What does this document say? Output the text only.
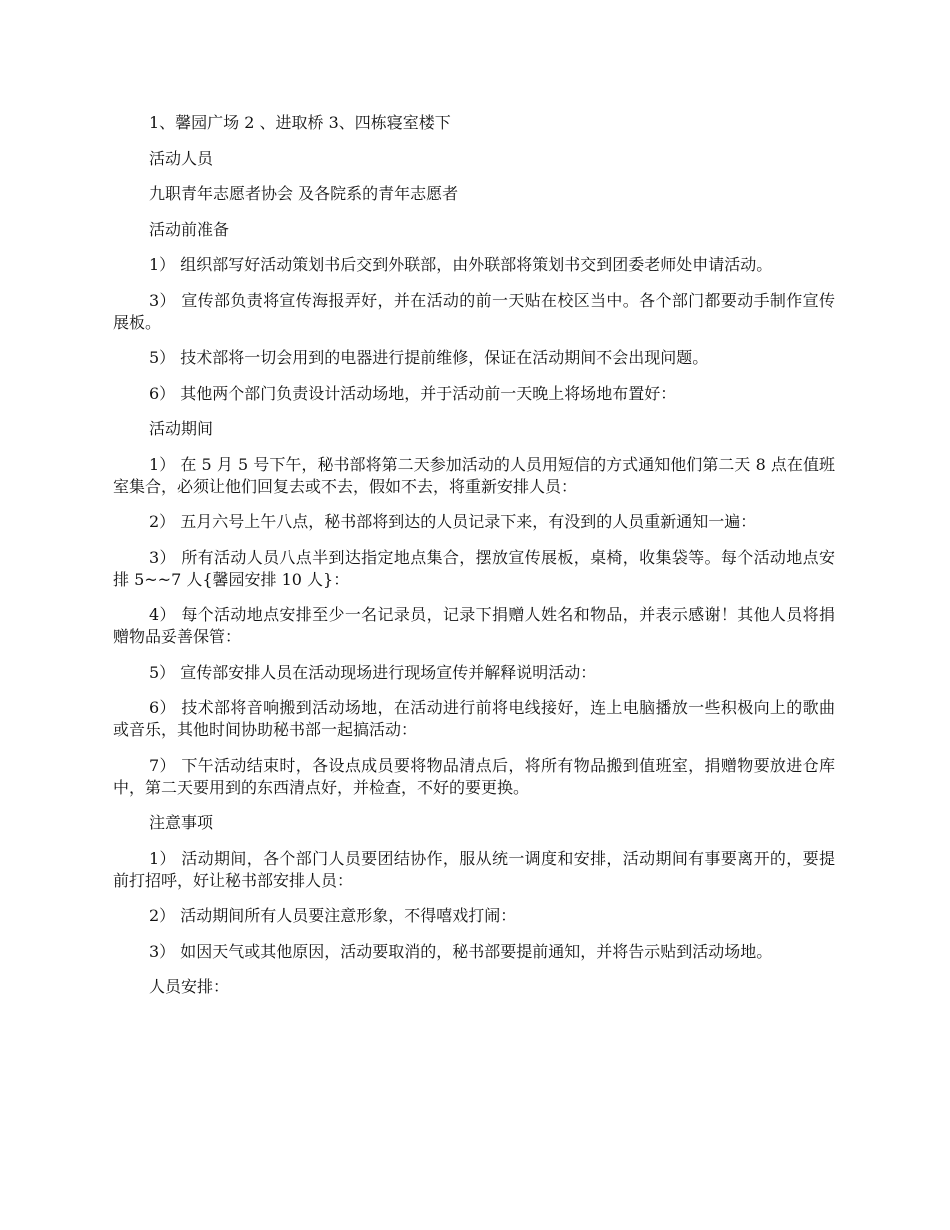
1、馨园广场 2 、进取桥 3、四栋寝室楼下

活动人员

九职青年志愿者协会 及各院系的青年志愿者

活动前准备

1） 组织部写好活动策划书后交到外联部，由外联部将策划书交到团委老师处申请活动。

3） 宣传部负责将宣传海报弄好，并在活动的前一天贴在校区当中。各个部门都要动手制作宣传展板。

5） 技术部将一切会用到的电器进行提前维修，保证在活动期间不会出现问题。

6） 其他两个部门负责设计活动场地，并于活动前一天晚上将场地布置好：

活动期间

1） 在 5 月 5 号下午，秘书部将第二天参加活动的人员用短信的方式通知他们第二天 8 点在值班室集合，必须让他们回复去或不去，假如不去，将重新安排人员：

2） 五月六号上午八点，秘书部将到达的人员记录下来，有没到的人员重新通知一遍：

3） 所有活动人员八点半到达指定地点集合，摆放宣传展板，桌椅，收集袋等。每个活动地点安排 5~~7 人{馨园安排 10 人}：

4） 每个活动地点安排至少一名记录员，记录下捐赠人姓名和物品，并表示感谢！其他人员将捐赠物品妥善保管：

5） 宣传部安排人员在活动现场进行现场宣传并解释说明活动：

6） 技术部将音响搬到活动场地，在活动进行前将电线接好，连上电脑播放一些积极向上的歌曲或音乐，其他时间协助秘书部一起搞活动：

7） 下午活动结束时，各设点成员要将物品清点后，将所有物品搬到值班室，捐赠物要放进仓库中，第二天要用到的东西清点好，并检查，不好的要更换。

注意事项

1） 活动期间，各个部门人员要团结协作，服从统一调度和安排，活动期间有事要离开的，要提前打招呼，好让秘书部安排人员：

2） 活动期间所有人员要注意形象，不得嘻戏打闹：

3） 如因天气或其他原因，活动要取消的，秘书部要提前通知，并将告示贴到活动场地。

人员安排：
